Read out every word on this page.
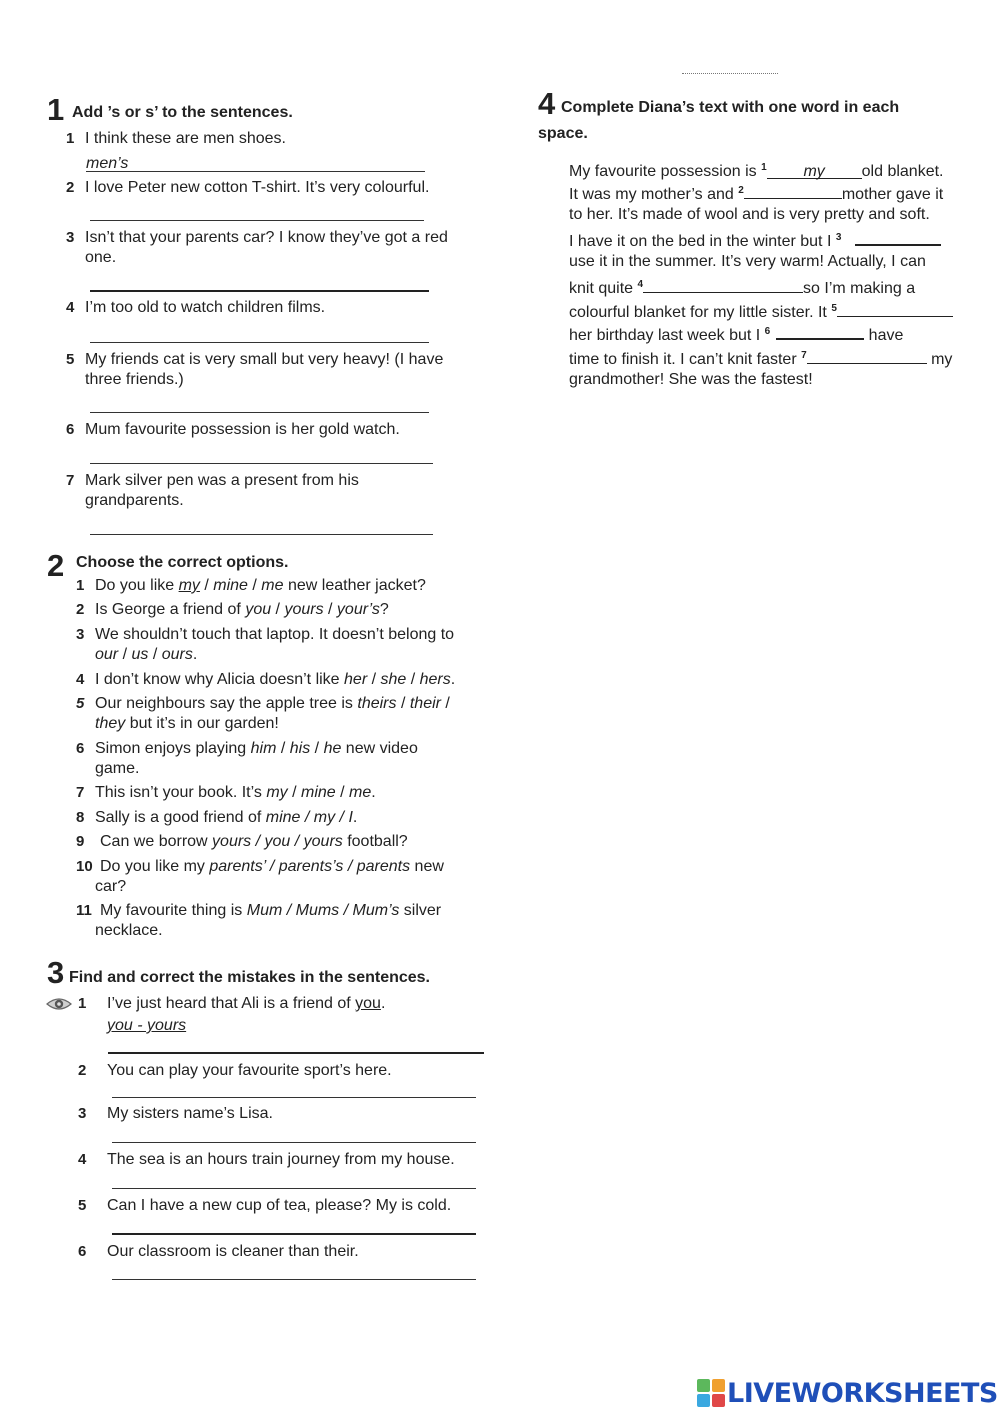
1 Add ’s or s’ to the sentences.
1 I think these are men shoes.
men’s
2 I love Peter new cotton T-shirt. It’s very colourful.
3 Isn’t that your parents car? I know they’ve got a red
one.
4 I’m too old to watch children films.
5 My friends cat is very small but very heavy! (I have
three friends.)
6 Mum favourite possession is her gold watch.
7 Mark silver pen was a present from his
grandparents.
2 Choose the correct options.
1 Do you like my / mine / me new leather jacket?
2 Is George a friend of you / yours / your’s?
3 We shouldn’t touch that laptop. It doesn’t belong to
our / us / ours.
4 I don’t know why Alicia doesn’t like her / she / hers.
5 Our neighbours say the apple tree is theirs / their /
they but it’s in our garden!
6 Simon enjoys playing him / his / he new video
game.
7 This isn’t your book. It’s my / mine / me.
8 Sally is a good friend of mine / my / I.
9 Can we borrow yours / you / yours football?
10 Do you like my parents’ / parents’s / parents new
car?
11 My favourite thing is Mum / Mums / Mum’s silver
necklace.
3 Find and correct the mistakes in the sentences.
1 I’ve just heard that Ali is a friend of you.
you - yours
2 You can play your favourite sport’s here.
3 My sisters name’s Lisa.
4 The sea is an hours train journey from my house.
5 Can I have a new cup of tea, please? My is cold.
6 Our classroom is cleaner than their.
4 Complete Diana’s text with one word in each
space.
My favourite possession is $^1$ my old blanket.
It was my mother’s and $^2$	mother gave it
to her. It’s made of wool and is very pretty and soft.
I have it on the bed in the winter but I $^3$
use it in the summer. It’s very warm! Actually, I can
knit quite $^4$	so I’m making a
colourful blanket for my little sister. It $^5$
her birthday last week but I $^6$	have
time to finish it. I can’t knit faster $^7$	my
grandmother! She was the fastest!
LIVEWORKSHEETS
